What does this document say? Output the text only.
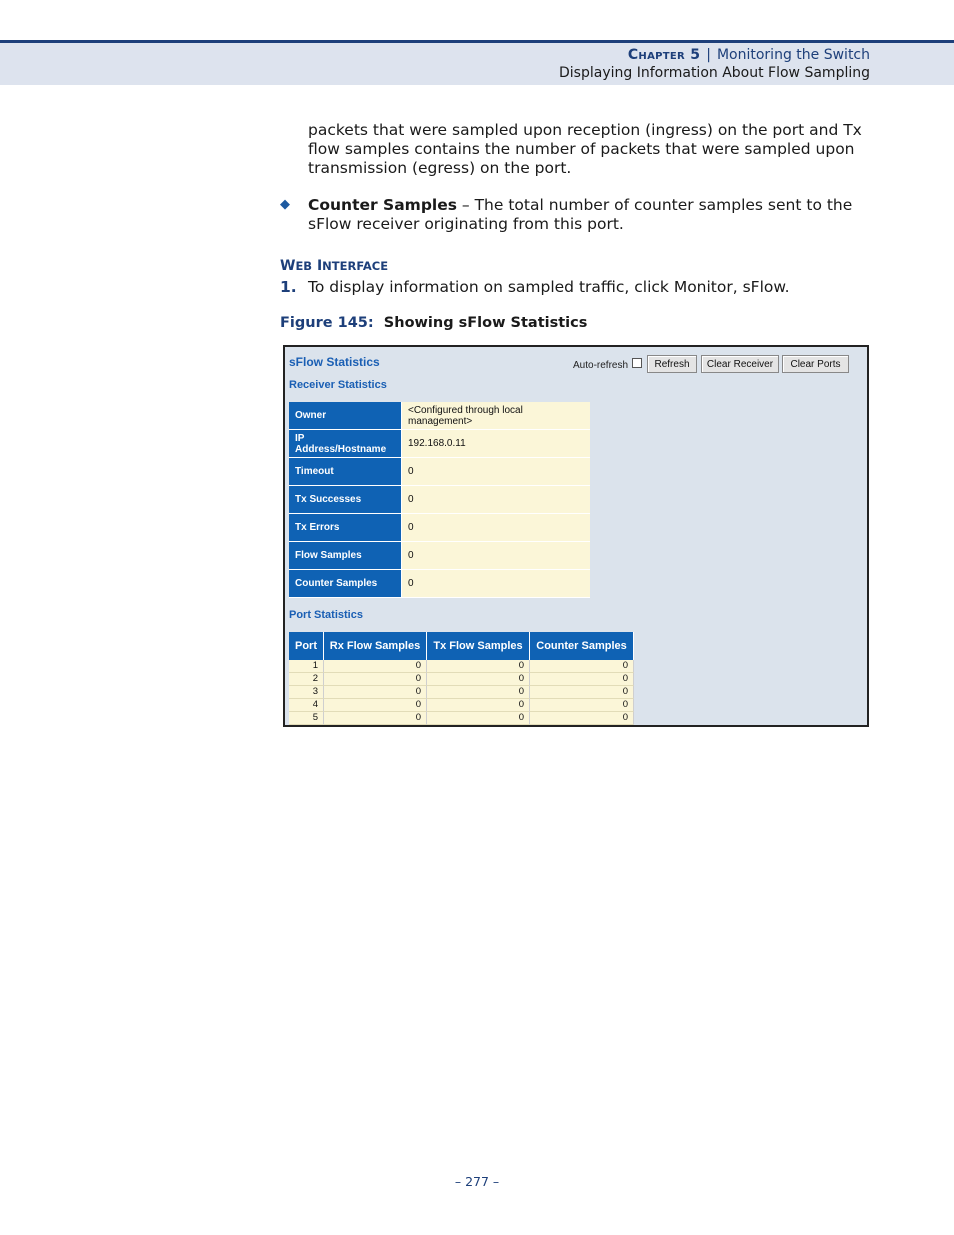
Chapter 5 | Monitoring the Switch
Displaying Information About Flow Sampling
packets that were sampled upon reception (ingress) on the port and Tx flow samples contains the number of packets that were sampled upon transmission (egress) on the port.
◆ Counter Samples – The total number of counter samples sent to the sFlow receiver originating from this port.
WEB INTERFACE
1. To display information on sampled traffic, click Monitor, sFlow.
Figure 145: Showing sFlow Statistics
sFlow Statistics	Auto-refresh	Refresh	Clear Receiver	Clear Ports
Receiver Statistics
Owner	<Configured through local management>
IP Address/Hostname	192.168.0.11
Timeout	0
Tx Successes	0
Tx Errors	0
Flow Samples	0
Counter Samples	0
Port Statistics
Port	Rx Flow Samples	Tx Flow Samples	Counter Samples
1	0	0	0
2	0	0	0
3	0	0	0
4	0	0	0
5	0	0	0
– 277 –
